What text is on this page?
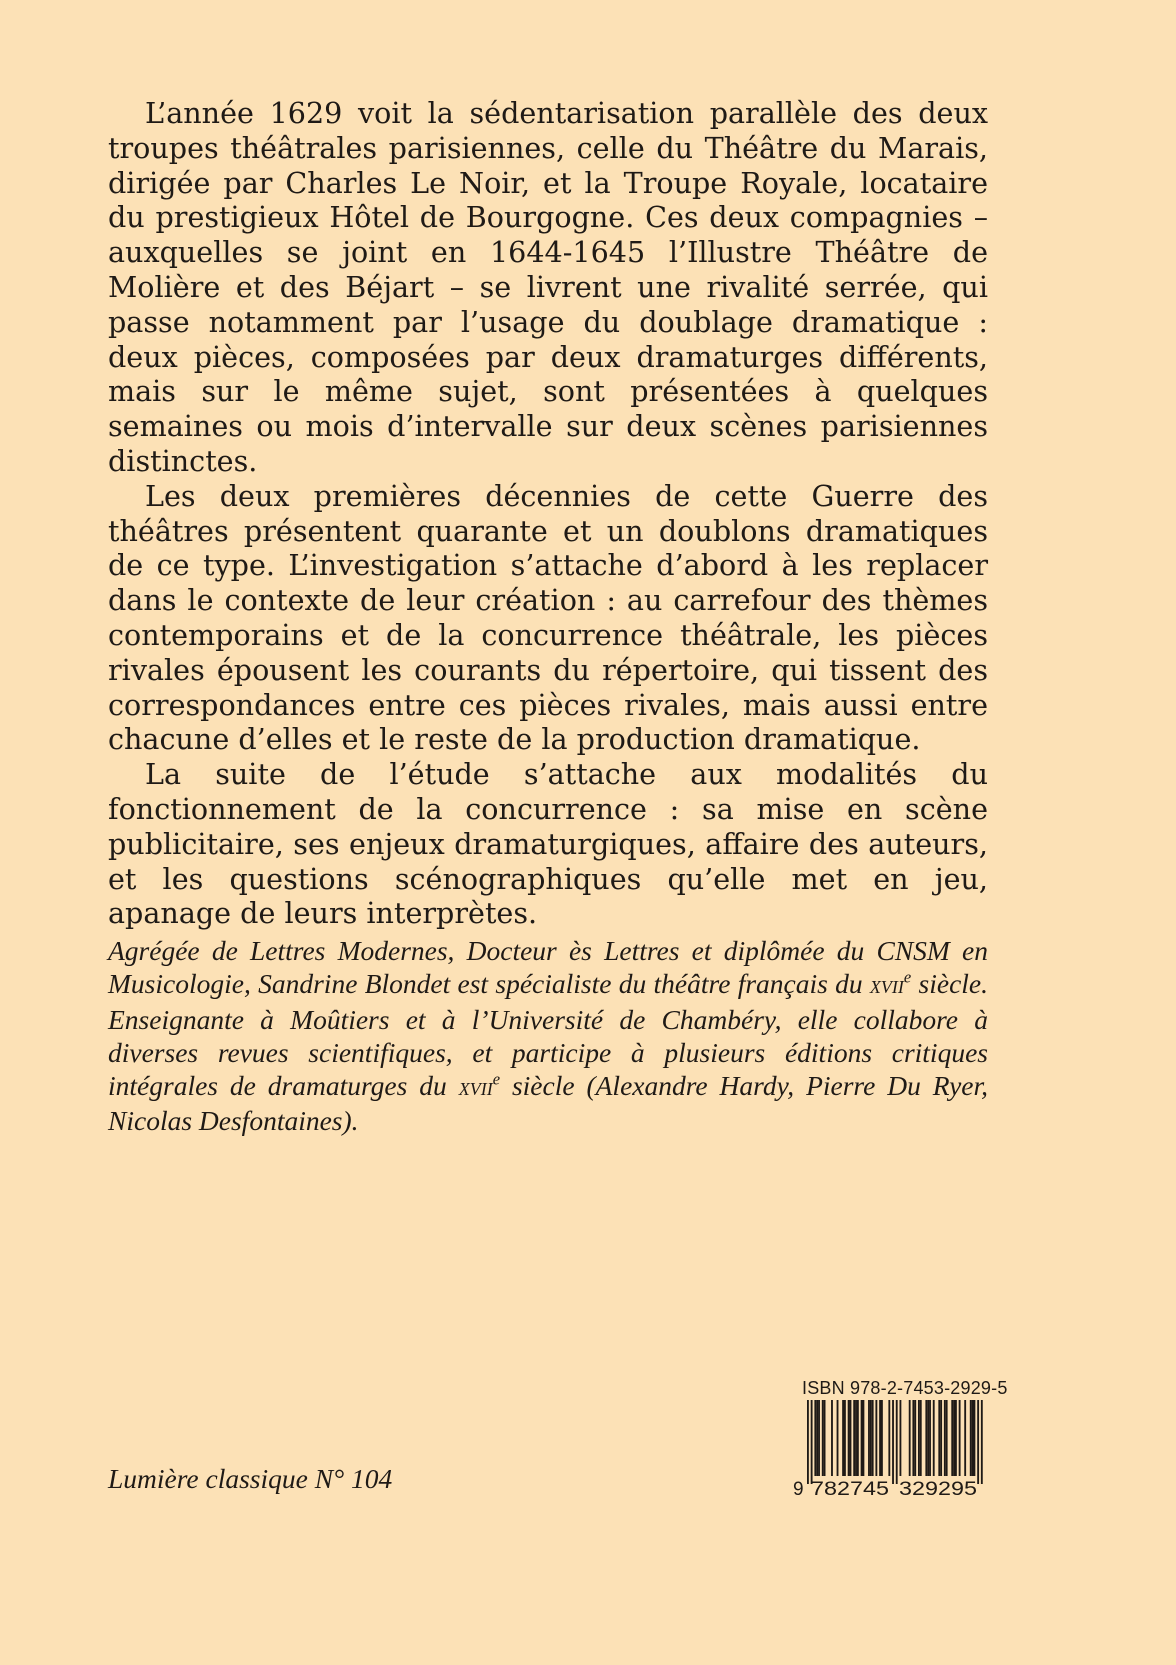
L’année 1629 voit la sédentarisation parallèle des deux troupes théâtrales parisiennes, celle du Théâtre du Marais, dirigée par Charles Le Noir, et la Troupe Royale, locataire du prestigieux Hôtel de Bourgogne. Ces deux compagnies – auxquelles se joint en 1644-1645 l’Illustre Théâtre de Molière et des Béjart – se livrent une rivalité serrée, qui passe notamment par l’usage du doublage dramatique : deux pièces, composées par deux dramaturges différents, mais sur le même sujet, sont présentées à quelques semaines ou mois d’intervalle sur deux scènes parisiennes distinctes.

Les deux premières décennies de cette Guerre des théâtres présentent quarante et un doublons dramatiques de ce type. L’investigation s’attache d’abord à les replacer dans le contexte de leur création : au carrefour des thèmes contemporains et de la concurrence théâtrale, les pièces rivales épousent les courants du répertoire, qui tissent des correspondances entre ces pièces rivales, mais aussi entre chacune d’elles et le reste de la production dramatique.

La suite de l’étude s’attache aux modalités du fonctionnement de la concurrence : sa mise en scène publicitaire, ses enjeux dramaturgiques, affaire des auteurs, et les questions scénographiques qu’elle met en jeu, apanage de leurs interprètes.

Agrégée de Lettres Modernes, Docteur ès Lettres et diplômée du CNSM en Musicologie, Sandrine Blondet est spécialiste du théâtre français du xvii$^e$ siècle. Enseignante à Moûtiers et à l’Université de Chambéry, elle collabore à diverses revues scientifiques, et participe à plusieurs éditions critiques intégrales de dramaturges du xvii$^e$ siècle (Alexandre Hardy, Pierre Du Ryer, Nicolas Desfontaines).

Lumière classique N° 104

ISBN 978-2-7453-2929-5
9 782745 329295
